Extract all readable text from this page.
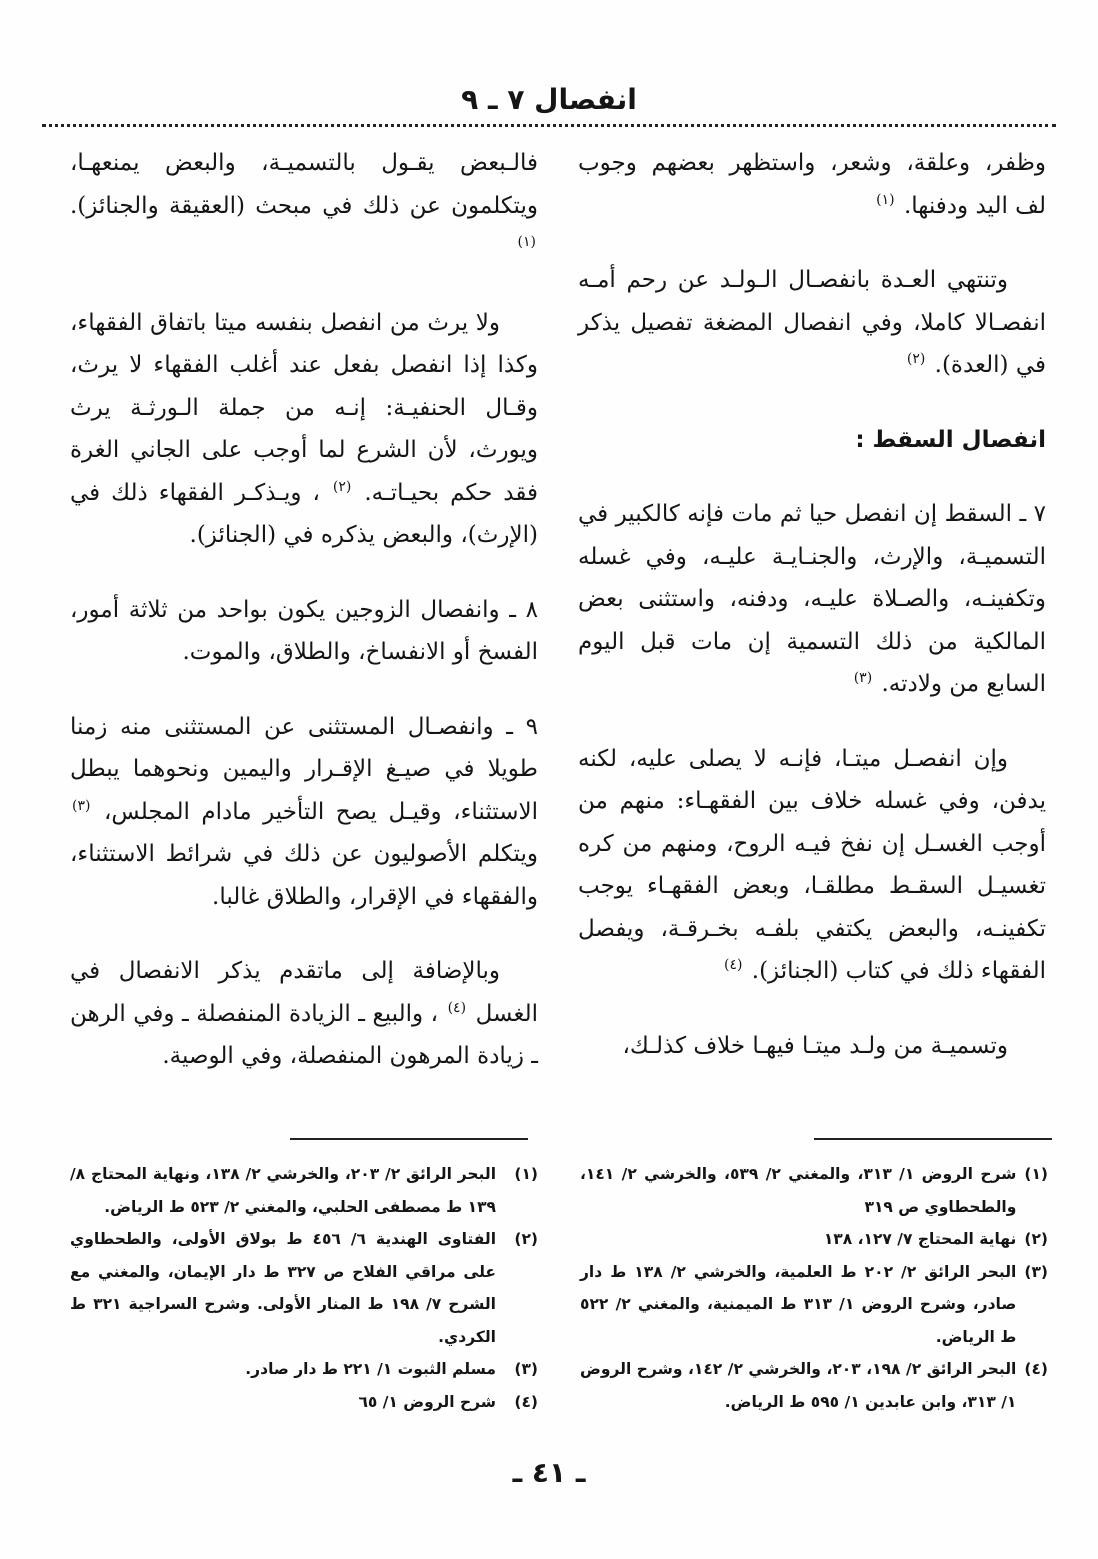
انفصال ٧ ـ ٩

وظفر، وعلقة، وشعر، واستظهر بعضهم وجوب لف اليد ودفنها. $^{(١)}$

وتنتهي العـدة بانفصـال الـولـد عن رحم أمـه انفصـالا كاملا، وفي انفصال المضغة تفصيل يذكر في (العدة). $^{(٢)}$

انفصال السقط :

٧ ـ السقط إن انفصل حيا ثم مات فإنه كالكبير في التسميـة، والإرث، والجنـايـة عليـه، وفي غسله وتكفينـه، والصـلاة عليـه، ودفنه، واستثنى بعض المالكية من ذلك التسمية إن مات قبل اليوم السابع من ولادته. $^{(٣)}$

وإن انفصـل ميتـا، فإنـه لا يصلى عليه، لكنه يدفن، وفي غسله خلاف بين الفقهـاء: منهم من أوجب الغسـل إن نفخ فيـه الروح، ومنهم من كره تغسيـل السقـط مطلقـا، وبعض الفقهـاء يوجب تكفينـه، والبعض يكتفي بلفـه بخـرقـة، ويفصل الفقهاء ذلك في كتاب (الجنائز). $^{(٤)}$

وتسميـة من ولـد ميتـا فيهـا خلاف كذلـك،

فالـبعض يقـول بالتسميـة، والبعض يمنعهـا، ويتكلمون عن ذلك في مبحث (العقيقة والجنائز). $^{(١)}$

ولا يرث من انفصل بنفسه ميتا باتفاق الفقهاء، وكذا إذا انفصل بفعل عند أغلب الفقهاء لا يرث، وقـال الحنفيـة: إنـه من جملة الـورثـة يرث ويورث، لأن الشرع لما أوجب على الجاني الغرة فقد حكم بحيـاتـه. $^{(٢)}$ ، ويـذكـر الفقهاء ذلك في (الإرث)، والبعض يذكره في (الجنائز).

٨ ـ وانفصال الزوجين يكون بواحد من ثلاثة أمور، الفسخ أو الانفساخ، والطلاق، والموت.

٩ ـ وانفصـال المستثنى عن المستثنى منه زمنا طويلا في صيـغ الإقـرار واليمين ونحوهما يبطل الاستثناء، وقيـل يصح التأخير مادام المجلس، $^{(٣)}$ ويتكلم الأصوليون عن ذلك في شرائط الاستثناء، والفقهاء في الإقرار، والطلاق غالبا.

وبالإضافة إلى ماتقدم يذكر الانفصال في الغسل $^{(٤)}$ ، والبيع ـ الزيادة المنفصلة ـ وفي الرهن ـ زيادة المرهون المنفصلة، وفي الوصية.

(١)
شرح الروض ١/ ٣١٣، والمغني ٢/ ٥٣٩، والخرشي ٢/ ١٤١، والطحطاوي ص ٣١٩
(٢)
نهاية المحتاج ٧/ ١٢٧، ١٣٨
(٣)
البحر الرائق ٢/ ٢٠٢ ط العلمية، والخرشي ٢/ ١٣٨ ط دار صادر، وشرح الروض ١/ ٣١٣ ط الميمنية، والمغني ٢/ ٥٢٢ ط الرياض.
(٤)
البحر الرائق ٢/ ١٩٨، ٢٠٣، والخرشي ٢/ ١٤٢، وشرح الروض ١/ ٣١٣، وابن عابدين ١/ ٥٩٥ ط الرياض.
(١)
البحر الرائق ٢/ ٢٠٣، والخرشي ٢/ ١٣٨، ونهاية المحتاج ٨/ ١٣٩ ط مصطفى الحلبي، والمغني ٢/ ٥٢٣ ط الرياض.
(٢)
الفتاوى الهندية ٦/ ٤٥٦ ط بولاق الأولى، والطحطاوي على مراقي الفلاح ص ٣٢٧ ط دار الإيمان، والمغني مع الشرح ٧/ ١٩٨ ط المنار الأولى. وشرح السراجية ٣٢١ ط الكردي.
(٣)
مسلم الثبوت ١/ ٢٢١ ط دار صادر.
(٤)
شرح الروض ١/ ٦٥
ـ ٤١ ـ
